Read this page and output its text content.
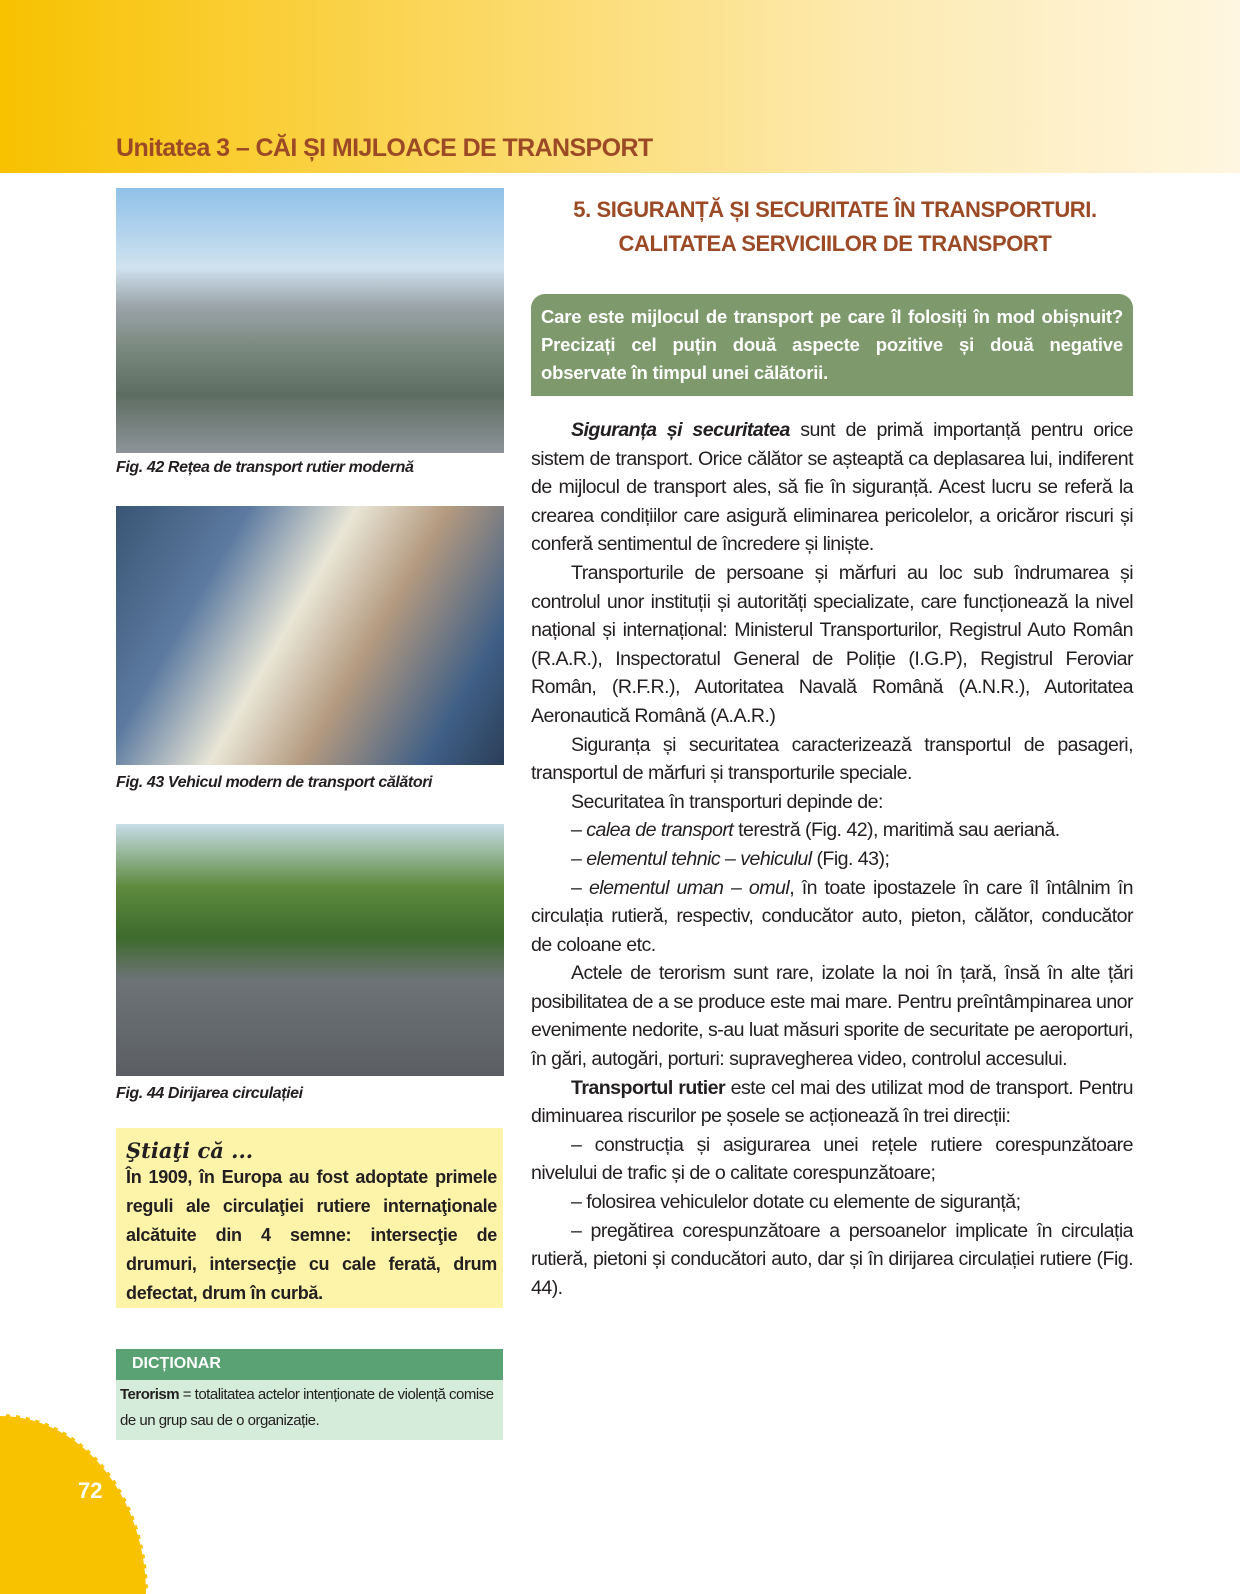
Unitatea 3 – CĂI ȘI MIJLOACE DE TRANSPORT
Fig. 42 Rețea de transport rutier modernă
Fig. 43 Vehicul modern de transport călători
Fig. 44 Dirijarea circulației
Ştiaţi că ...
În 1909, în Europa au fost adoptate primele reguli ale circulaţiei rutiere internaţionale alcătuite din 4 semne: intersecţie de drumuri, intersecţie cu cale ferată, drum defectat, drum în curbă.
DICȚIONAR
Terorism = totalitatea actelor intenționate de violență comise de un grup sau de o organizație.
72
5. SIGURANȚĂ ȘI SECURITATE ÎN TRANSPORTURI.
CALITATEA SERVICIILOR DE TRANSPORT
Care este mijlocul de transport pe care îl folosiți în mod obișnuit? Precizați cel puțin două aspecte pozitive și două negative observate în timpul unei călătorii.

Siguranța și securitatea sunt de primă importanță pentru orice sistem de transport. Orice călător se așteaptă ca deplasarea lui, indiferent de mijlocul de transport ales, să fie în siguranță. Acest lucru se referă la crearea condițiilor care asigură eliminarea pericolelor, a oricăror riscuri și conferă sentimentul de încredere și liniște.

Transporturile de persoane și mărfuri au loc sub îndrumarea și controlul unor instituții și autorități specializate, care funcționează la nivel național și internațional: Ministerul Transporturilor, Registrul Auto Român (R.A.R.), Inspectoratul General de Poliție (I.G.P), Registrul Feroviar Român, (R.F.R.), Autoritatea Navală Română (A.N.R.), Autoritatea Aeronautică Română (A.A.R.)

Siguranța și securitatea caracterizează transportul de pasageri, transportul de mărfuri și transporturile speciale.

Securitatea în transporturi depinde de:

– calea de transport terestră (Fig. 42), maritimă sau aeriană.

– elementul tehnic – vehiculul (Fig. 43);

– elementul uman – omul, în toate ipostazele în care îl întâlnim în circulația rutieră, respectiv, conducător auto, pieton, călător, conducător de coloane etc.

Actele de terorism sunt rare, izolate la noi în țară, însă în alte țări posibilitatea de a se produce este mai mare. Pentru preîntâmpinarea unor evenimente nedorite, s-au luat măsuri sporite de securitate pe aeroporturi, în gări, autogări, porturi: supravegherea video, controlul accesului.

Transportul rutier este cel mai des utilizat mod de transport. Pentru diminuarea riscurilor pe șosele se acționează în trei direcții:

– construcția și asigurarea unei rețele rutiere corespunzătoare nivelului de trafic și de o calitate corespunzătoare;

– folosirea vehiculelor dotate cu elemente de siguranță;

– pregătirea corespunzătoare a persoanelor implicate în circulația rutieră, pietoni și conducători auto, dar și în dirijarea circulației rutiere (Fig. 44).
